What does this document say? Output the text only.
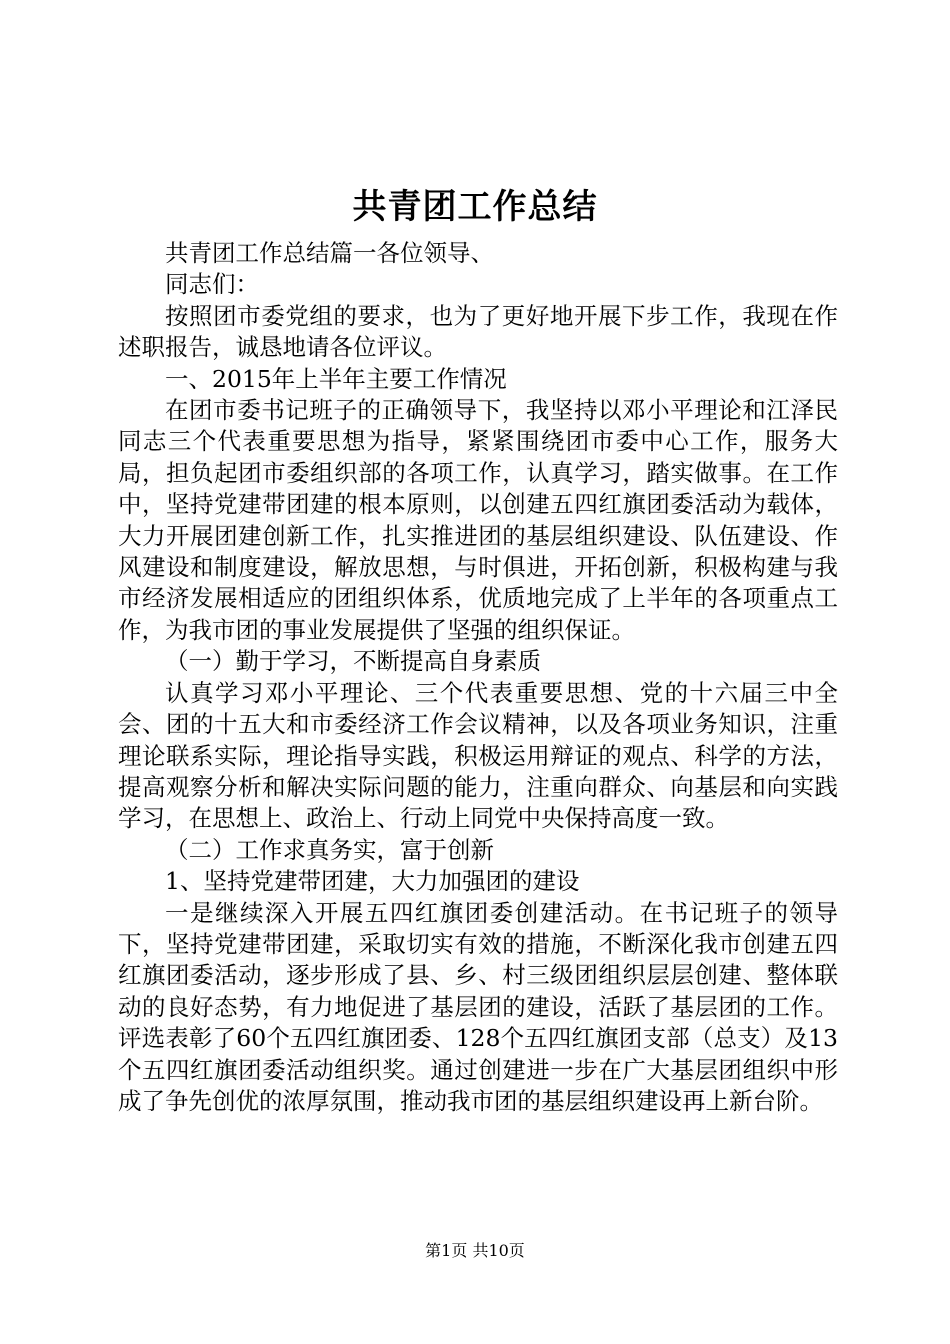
共青团工作总结

共青团工作总结篇一各位领导、

同志们：

按照团市委党组的要求，也为了更好地开展下步工作，我现在作述职报告，诚恳地请各位评议。

一、2015年上半年主要工作情况

在团市委书记班子的正确领导下，我坚持以邓小平理论和江泽民同志三个代表重要思想为指导，紧紧围绕团市委中心工作，服务大局，担负起团市委组织部的各项工作，认真学习，踏实做事。在工作中，坚持党建带团建的根本原则，以创建五四红旗团委活动为载体，大力开展团建创新工作，扎实推进团的基层组织建设、队伍建设、作风建设和制度建设，解放思想，与时俱进，开拓创新，积极构建与我市经济发展相适应的团组织体系，优质地完成了上半年的各项重点工作，为我市团的事业发展提供了坚强的组织保证。

（一）勤于学习，不断提高自身素质

认真学习邓小平理论、三个代表重要思想、党的十六届三中全会、团的十五大和市委经济工作会议精神，以及各项业务知识，注重理论联系实际，理论指导实践，积极运用辩证的观点、科学的方法，提高观察分析和解决实际问题的能力，注重向群众、向基层和向实践学习，在思想上、政治上、行动上同党中央保持高度一致。

（二）工作求真务实，富于创新

1、坚持党建带团建，大力加强团的建设

一是继续深入开展五四红旗团委创建活动。在书记班子的领导下，坚持党建带团建，采取切实有效的措施，不断深化我市创建五四红旗团委活动，逐步形成了县、乡、村三级团组织层层创建、整体联动的良好态势，有力地促进了基层团的建设，活跃了基层团的工作。评选表彰了60个五四红旗团委、128个五四红旗团支部（总支）及13个五四红旗团委活动组织奖。通过创建进一步在广大基层团组织中形成了争先创优的浓厚氛围，推动我市团的基层组织建设再上新台阶。

第1页 共10页
